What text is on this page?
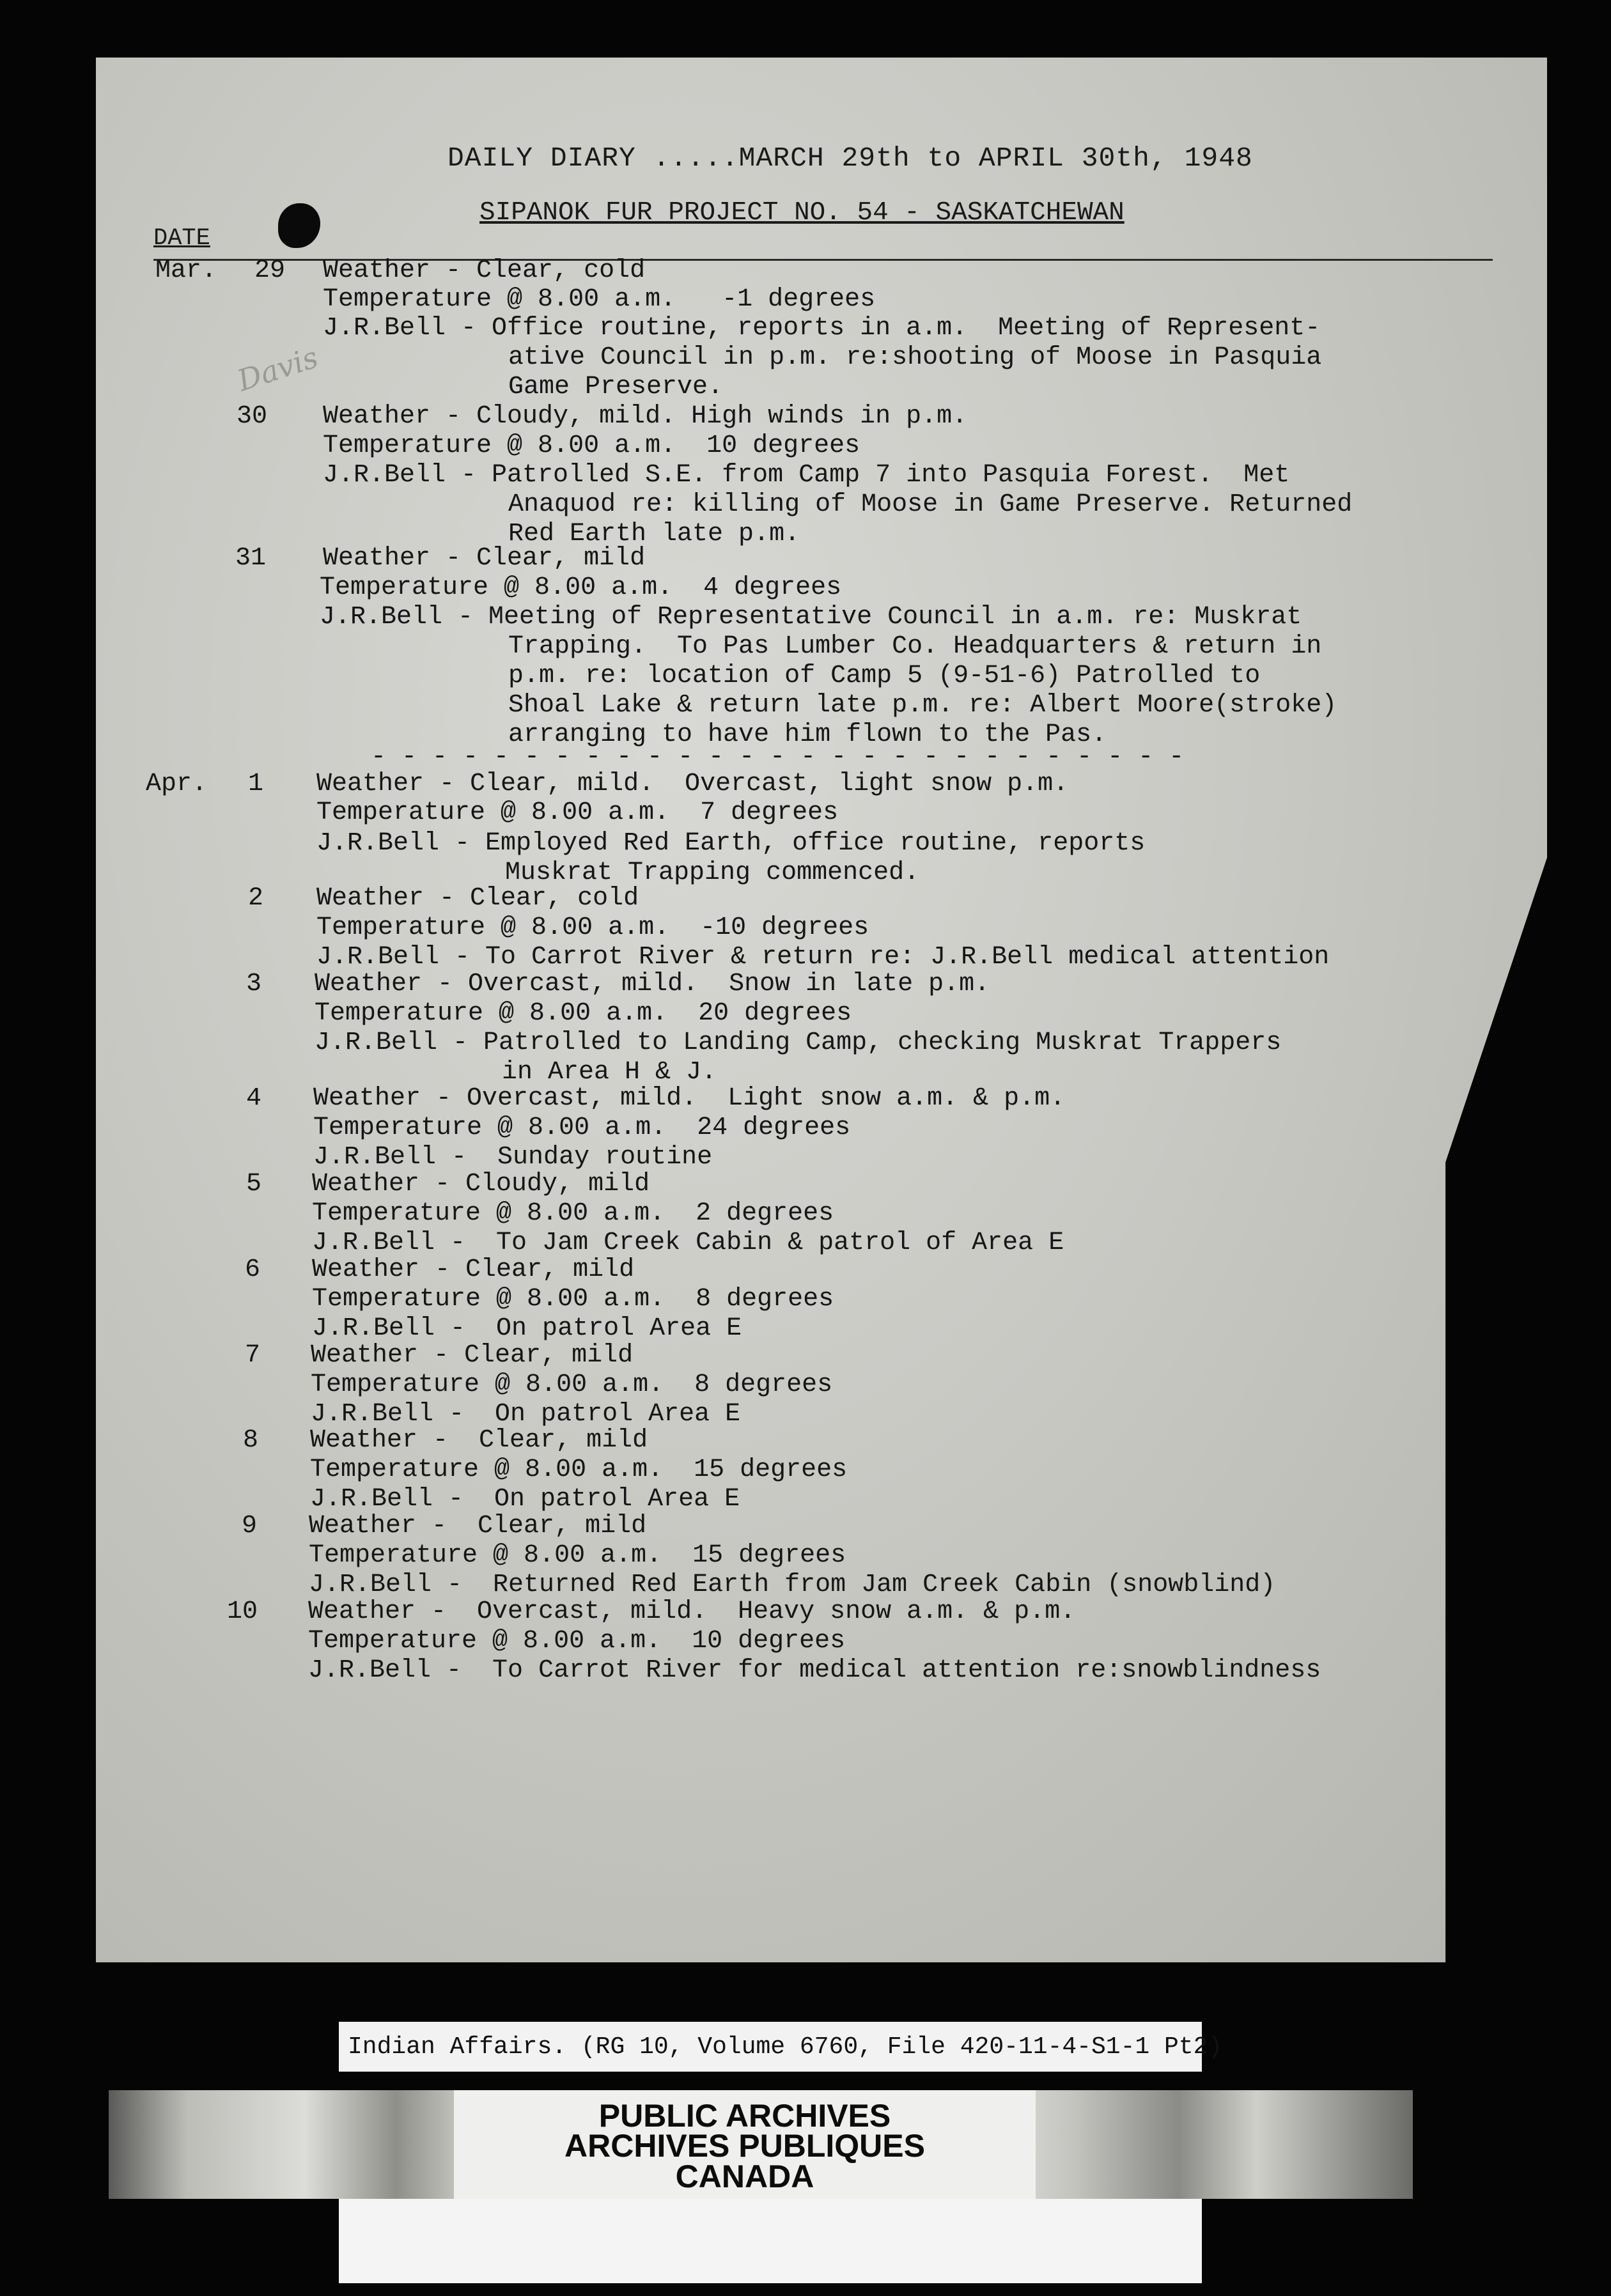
Davis
DAILY DIARY .....MARCH 29th to APRIL 30th, 1948
SIPANOK FUR PROJECT NO. 54 - SASKATCHEWAN
DATE
Mar.
Apr.
29 Weather - Clear, cold
Temperature @ 8.00 a.m.   -1 degrees
J.R.Bell - Office routine, reports in a.m.  Meeting of Represent-
ative Council in p.m. re:shooting of Moose in Pasquia
Game Preserve.
30 Weather - Cloudy, mild. High winds in p.m.
Temperature @ 8.00 a.m.  10 degrees
J.R.Bell - Patrolled S.E. from Camp 7 into Pasquia Forest.  Met
Anaquod re: killing of Moose in Game Preserve. Returned
Red Earth late p.m.
31 Weather - Clear, mild
Temperature @ 8.00 a.m.  4 degrees
J.R.Bell - Meeting of Representative Council in a.m. re: Muskrat
Trapping.  To Pas Lumber Co. Headquarters & return in
p.m. re: location of Camp 5 (9-51-6) Patrolled to
Shoal Lake & return late p.m. re: Albert Moore(stroke)
arranging to have him flown to the Pas.
- - - - - - - - - - - - - - - - - - - - - - - - - - -
1 Weather - Clear, mild.  Overcast, light snow p.m.
Temperature @ 8.00 a.m.  7 degrees
J.R.Bell - Employed Red Earth, office routine, reports
Muskrat Trapping commenced.
2 Weather - Clear, cold
Temperature @ 8.00 a.m.  -10 degrees
J.R.Bell - To Carrot River & return re: J.R.Bell medical attention
3 Weather - Overcast, mild.  Snow in late p.m.
Temperature @ 8.00 a.m.  20 degrees
J.R.Bell - Patrolled to Landing Camp, checking Muskrat Trappers
in Area H & J.
4 Weather - Overcast, mild.  Light snow a.m. & p.m.
Temperature @ 8.00 a.m.  24 degrees
J.R.Bell -  Sunday routine
5 Weather - Cloudy, mild
Temperature @ 8.00 a.m.  2 degrees
J.R.Bell -  To Jam Creek Cabin & patrol of Area E
6 Weather - Clear, mild
Temperature @ 8.00 a.m.  8 degrees
J.R.Bell -  On patrol Area E
7 Weather - Clear, mild
Temperature @ 8.00 a.m.  8 degrees
J.R.Bell -  On patrol Area E
8 Weather -  Clear, mild
Temperature @ 8.00 a.m.  15 degrees
J.R.Bell -  On patrol Area E
9 Weather -  Clear, mild
Temperature @ 8.00 a.m.  15 degrees
J.R.Bell -  Returned Red Earth from Jam Creek Cabin (snowblind)
10 Weather -  Overcast, mild.  Heavy snow a.m. & p.m.
Temperature @ 8.00 a.m.  10 degrees
J.R.Bell -  To Carrot River for medical attention re:snowblindness
Indian Affairs. (RG 10, Volume 6760, File 420-11-4-S1-1 Pt2)
PUBLIC ARCHIVES
ARCHIVES PUBLIQUES
CANADA
